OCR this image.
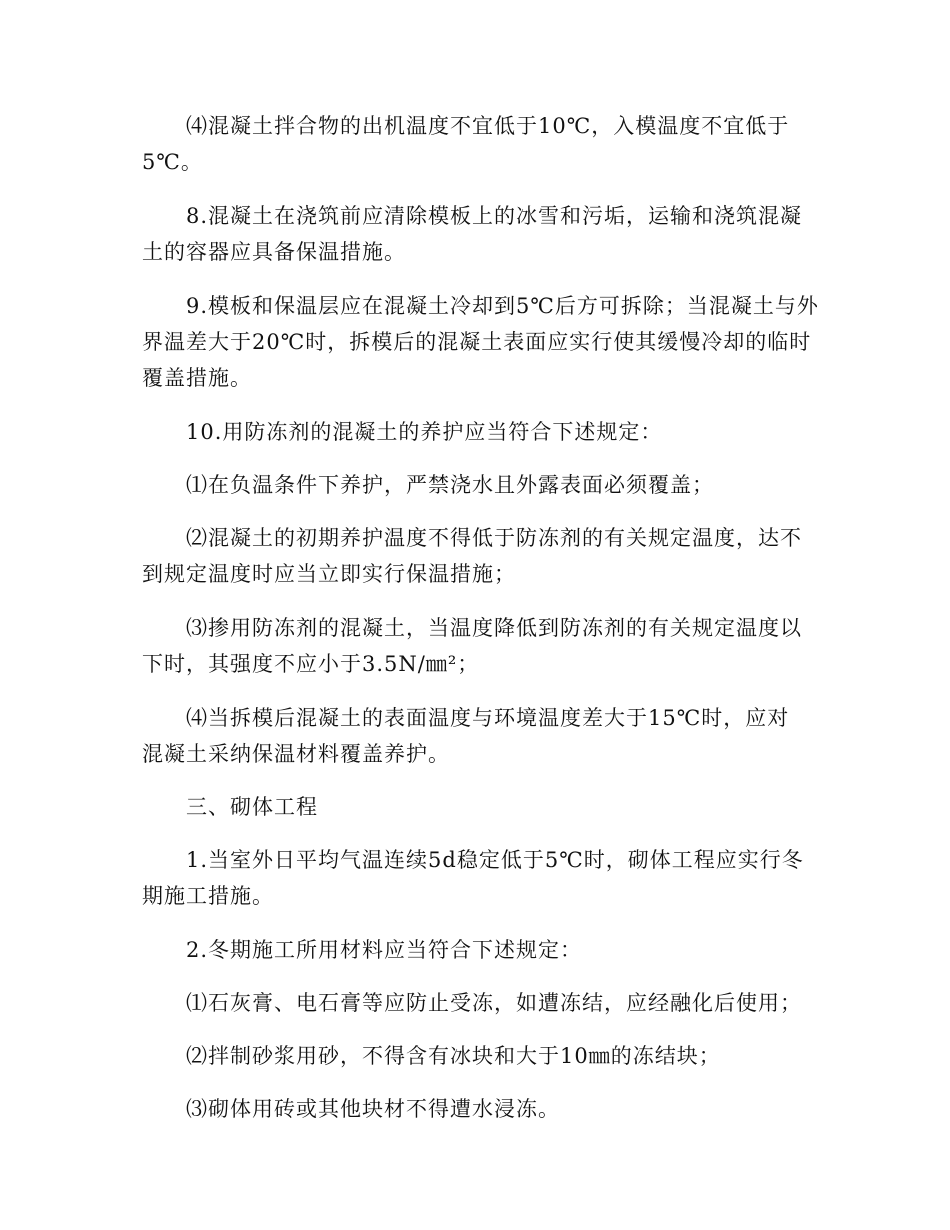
　　⑷混凝土拌合物的出机温度不宜低于10℃，入模温度不宜低于
5℃。
　　8.混凝土在浇筑前应清除模板上的冰雪和污垢，运输和浇筑混凝
土的容器应具备保温措施。
　　9.模板和保温层应在混凝土冷却到5℃后方可拆除；当混凝土与外
界温差大于20℃时，拆模后的混凝土表面应实行使其缓慢冷却的临时
覆盖措施。
　　10.用防冻剂的混凝土的养护应当符合下述规定：
　　⑴在负温条件下养护，严禁浇水且外露表面必须覆盖；
　　⑵混凝土的初期养护温度不得低于防冻剂的有关规定温度，达不
到规定温度时应当立即实行保温措施；
　　⑶掺用防冻剂的混凝土，当温度降低到防冻剂的有关规定温度以
下时，其强度不应小于3.5N/㎜²；
　　⑷当拆模后混凝土的表面温度与环境温度差大于15℃时，应对
混凝土采纳保温材料覆盖养护。
　　三、砌体工程
　　1.当室外日平均气温连续5d稳定低于5℃时，砌体工程应实行冬
期施工措施。
　　2.冬期施工所用材料应当符合下述规定：
　　⑴石灰膏、电石膏等应防止受冻，如遭冻结，应经融化后使用；
　　⑵拌制砂浆用砂，不得含有冰块和大于10㎜的冻结块；
　　⑶砌体用砖或其他块材不得遭水浸冻。
